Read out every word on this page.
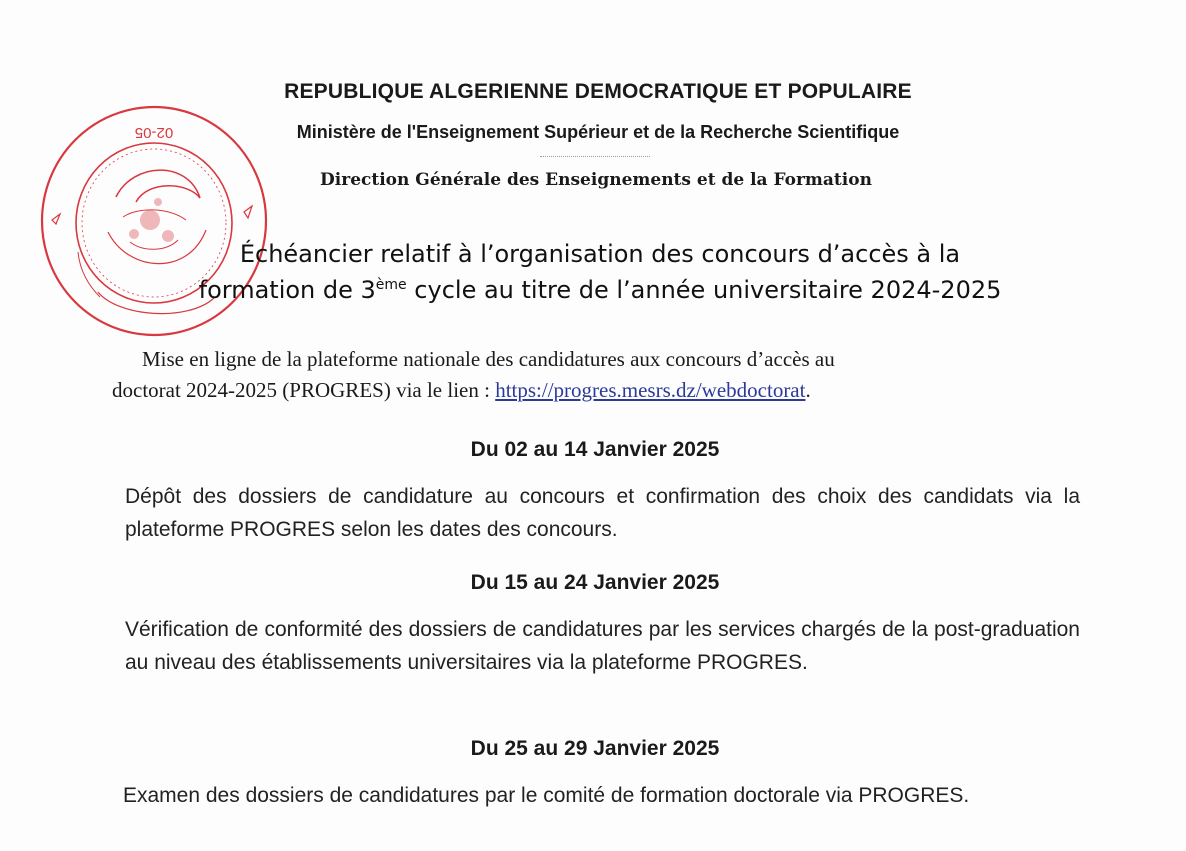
02-05
REPUBLIQUE ALGERIENNE DEMOCRATIQUE ET POPULAIRE
Ministère de l'Enseignement Supérieur et de la Recherche Scientifique
Direction Générale des Enseignements et de la Formation
Échéancier relatif à l’organisation des concours d’accès à la
formation de 3ème cycle au titre de l’année universitaire 2024-2025
Mise en ligne de la plateforme nationale des candidatures aux concours d’accès au
doctorat 2024-2025 (PROGRES) via le lien : https://progres.mesrs.dz/webdoctorat.
Du 02 au 14 Janvier 2025
Dépôt des dossiers de candidature au concours et confirmation des choix des candidats via la plateforme PROGRES selon les dates des concours.
Du 15 au 24 Janvier 2025
Vérification de conformité des dossiers de candidatures par les services chargés de la post-graduation au niveau des établissements universitaires via la plateforme PROGRES.
Du 25 au 29 Janvier 2025
Examen des dossiers de candidatures par le comité de formation doctorale via PROGRES.
